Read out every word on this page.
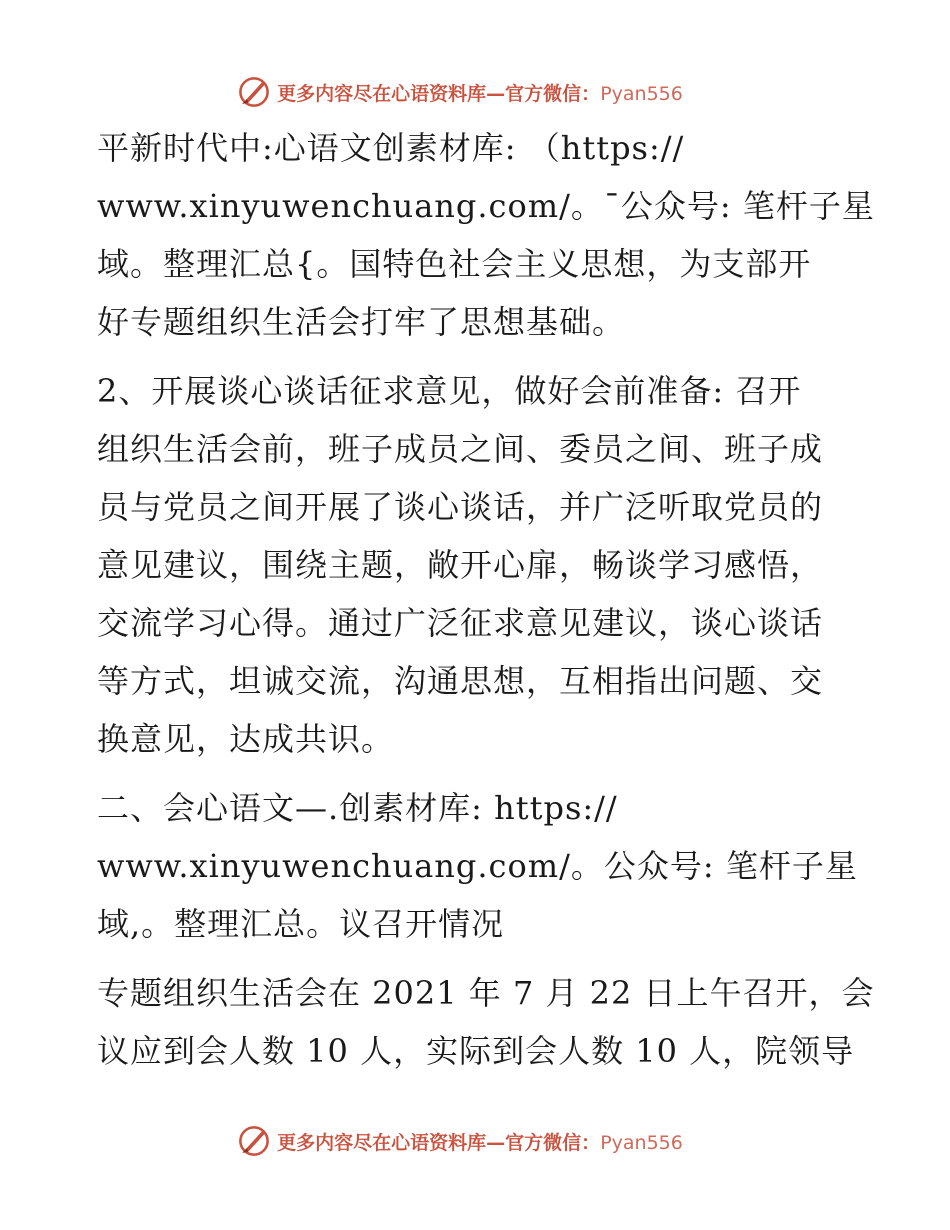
更多内容尽在心语资料库—官方微信：Pyan556
平新时代中:心语文创素材库: （https://
www.xinyuwenchuang.com/。¯公众号: 笔杆子星
域。整理汇总{。国特色社会主义思想，为支部开
好专题组织生活会打牢了思想基础。
2、开展谈心谈话征求意见，做好会前准备: 召开
组织生活会前，班子成员之间、委员之间、班子成
员与党员之间开展了谈心谈话，并广泛听取党员的
意见建议，围绕主题，敞开心扉，畅谈学习感悟，
交流学习心得。通过广泛征求意见建议，谈心谈话
等方式，坦诚交流，沟通思想，互相指出问题、交
换意见，达成共识。
二、会心语文—.创素材库: https://
www.xinyuwenchuang.com/。公众号: 笔杆子星
域,。整理汇总。议召开情况
专题组织生活会在 2021 年 7 月 22 日上午召开，会
议应到会人数 10 人，实际到会人数 10 人，院领导
更多内容尽在心语资料库—官方微信：Pyan556
